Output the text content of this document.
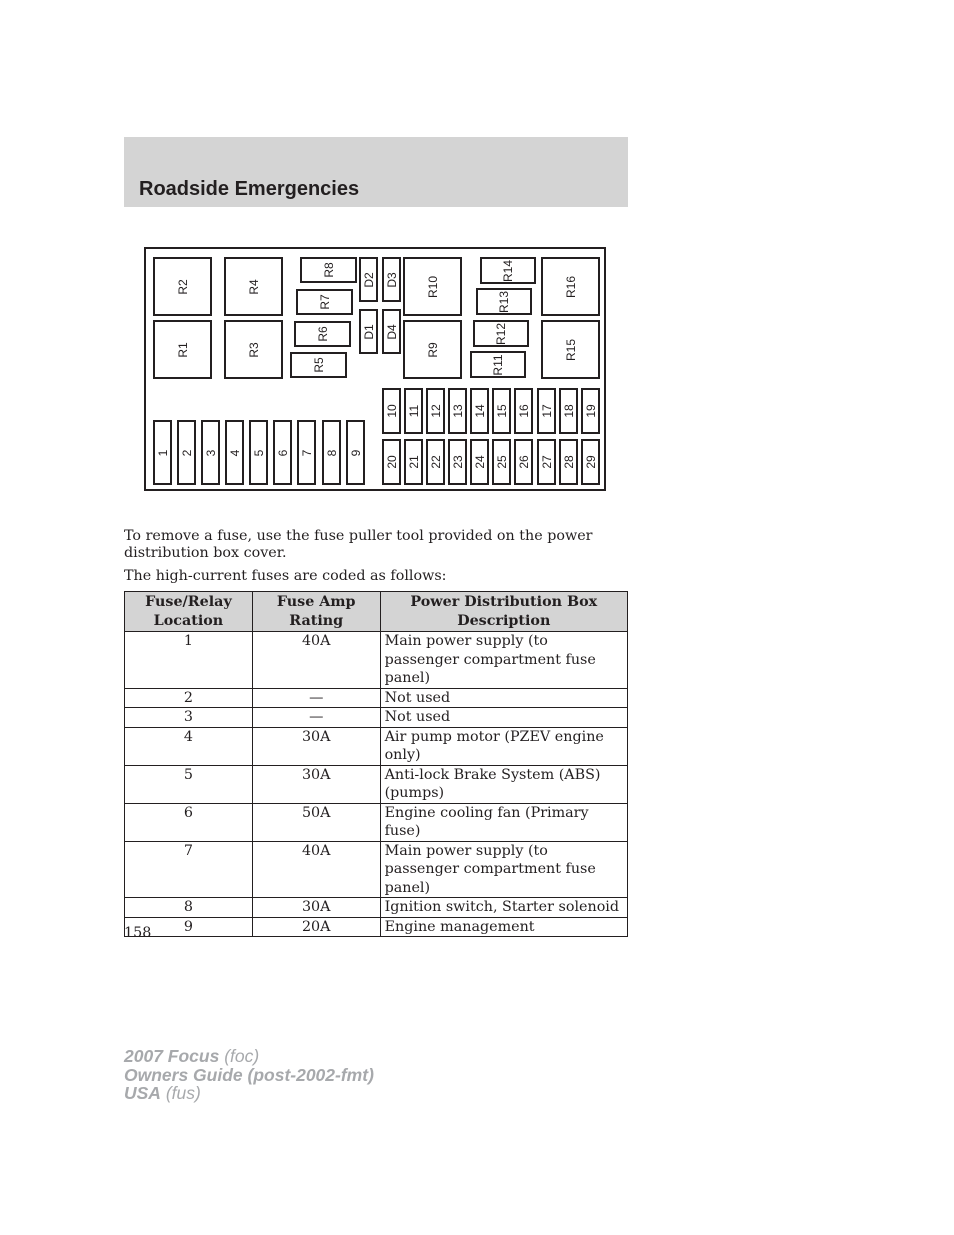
Roadside Emergencies
R1
R2
R3
R4
R5
R6
R7
R8
R9
R10
R11
R12
R13
R14
R15
R16
D1
D2 D3
D4
1 2 3 4 5 6 7 8 9
10 11 12 13 14 15 16 17 18 19
20 21 22 23 24 25 26 27 28 29
To remove a fuse, use the fuse puller tool provided on the power distribution box cover.
The high-current fuses are coded as follows:
Fuse/Relay Location	Fuse Amp Rating	Power Distribution Box Description
1	40A	Main power supply (to passenger compartment fuse panel)
2	—	Not used
3	—	Not used
4	30A	Air pump motor (PZEV engine only)
5	30A	Anti-lock Brake System (ABS) (pumps)
6	50A	Engine cooling fan (Primary fuse)
7	40A	Main power supply (to passenger compartment fuse panel)
8	30A	Ignition switch, Starter solenoid
9	20A	Engine management
158
2007 Focus (foc)
Owners Guide (post-2002-fmt)
USA (fus)
